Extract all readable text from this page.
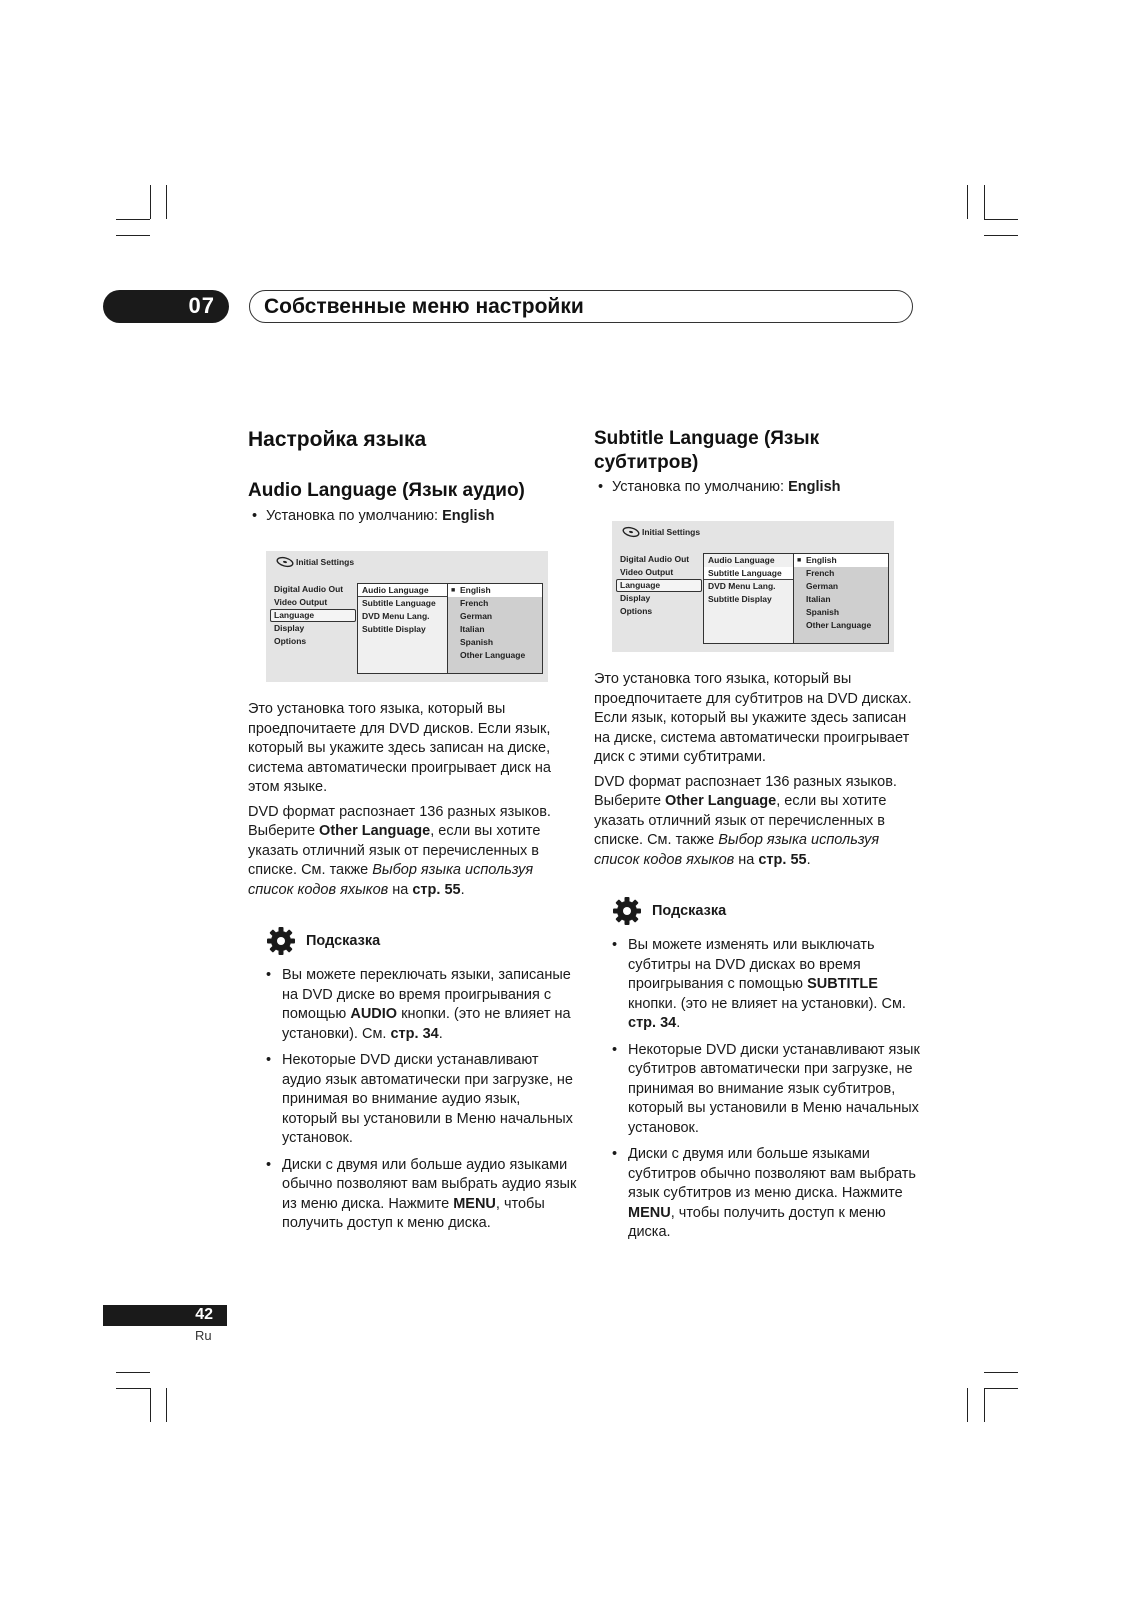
07 Собственные меню настройки
Настройка языка
Audio Language (Язык аудио)
• Установка по умолчанию: English
Initial Settings
Digital Audio Out
Video Output
Language
Display
Options
Audio Language
Subtitle Language
DVD Menu Lang.
Subtitle Display
■ English
French
German
Italian
Spanish
Other Language

Это установка того языка, который вы проедпочитаете для DVD дисков. Если язык, который вы укажите здесь записан на диске, система автоматически проигрывает диск на этом языке.

DVD формат распознает 136 разных языков. Выберите Other Language, если вы хотите указать отличний язык от перечисленных в списке. См. также Выбор языка используя список кодов яхыков на стр. 55.

Подсказка
• Вы можете переключать языки, записаные на DVD диске во время проигрывания с помощью AUDIO кнопки. (это не влияет на установки). См. стр. 34.
• Некоторые DVD диски устанавливают аудио язык автоматически при загрузке, не принимая во внимание аудио язык, который вы установили в Меню начальных установок.
• Диски с двумя или больше аудио языками обычно позволяют вам выбрать аудио язык из меню диска. Нажмите MENU, чтобы получить доступ к меню диска.
Subtitle Language (Язык субтитров)
• Установка по умолчанию: English
Initial Settings
Digital Audio Out
Video Output
Language
Display
Options
Audio Language
Subtitle Language
DVD Menu Lang.
Subtitle Display
■ English
French
German
Italian
Spanish
Other Language

Это установка того языка, который вы проедпочитаете для субтитров на DVD дисках. Если язык, который вы укажите здесь записан на диске, система автоматически проигрывает диск с этими субтитрами.

DVD формат распознает 136 разных языков. Выберите Other Language, если вы хотите указать отличний язык от перечисленных в списке. См. также Выбор языка используя список кодов яхыков на стр. 55.

Подсказка
• Вы можете изменять или выключать субтитры на DVD дисках во время проигрывания с помощью SUBTITLE кнопки. (это не влияет на установки). См. стр. 34.
• Некоторые DVD диски устанавливают язык субтитров автоматически при загрузке, не принимая во внимание язык субтитров, который вы установили в Меню начальных установок.
• Диски с двумя или больше языками субтитров обычно позволяют вам выбрать язык субтитров из меню диска. Нажмите MENU, чтобы получить доступ к меню диска.
42
Ru
